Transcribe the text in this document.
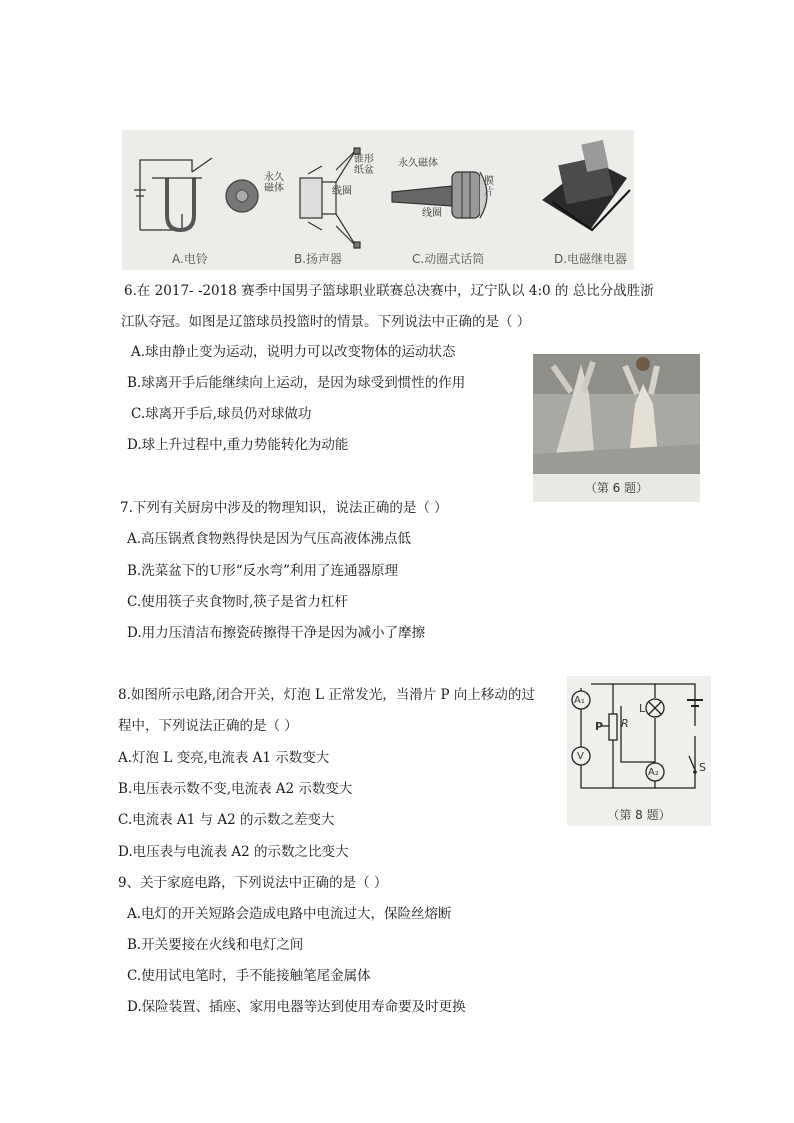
永久
磁体
锥形
纸盆
线圈
永久磁体
膜
片
线圈
A.电铃	B.扬声器	C.动圈式话筒	D.电磁继电器
6.在 2017- -2018 赛季中国男子篮球职业联赛总决赛中，辽宁队以 4:0 的 总比分战胜浙
江队夺冠。如图是辽篮球员投篮时的情景。下列说法中正确的是（ ）
A.球由静止变为运动，说明力可以改变物体的运动状态
B.球离开手后能继续向上运动，是因为球受到惯性的作用
C.球离开手后,球员仍对球做功
D.球上升过程中,重力势能转化为动能
（第 6 题）
7.下列有关厨房中涉及的物理知识，说法正确的是（ ）
A.高压锅煮食物熟得快是因为气压高液体沸点低
B.洗菜盆下的Ｕ形“反水弯”利用了连通器原理
C.使用筷子夹食物时,筷子是省力杠杆
D.用力压清洁布擦瓷砖擦得干净是因为减小了摩擦
8.如图所示电路,闭合开关，灯泡 L 正常发光，当滑片 P 向上移动的过
程中，下列说法正确的是（ ）
A.灯泡 L 变亮,电流表 A1 示数变大
B.电压表示数不变,电流表 A2 示数变大
C.电流表 A1 与 A2 的示数之差变大
D.电压表与电流表 A2 的示数之比变大
A₁
V
A₂
P R
L
S
（第 8 题）
9、关于家庭电路，下列说法中正确的是（ ）
A.电灯的开关短路会造成电路中电流过大，保险丝熔断
B.开关要接在火线和电灯之间
C.使用试电笔时，手不能接触笔尾金属体
D.保险装置、插座、家用电器等达到使用寿命要及时更换
